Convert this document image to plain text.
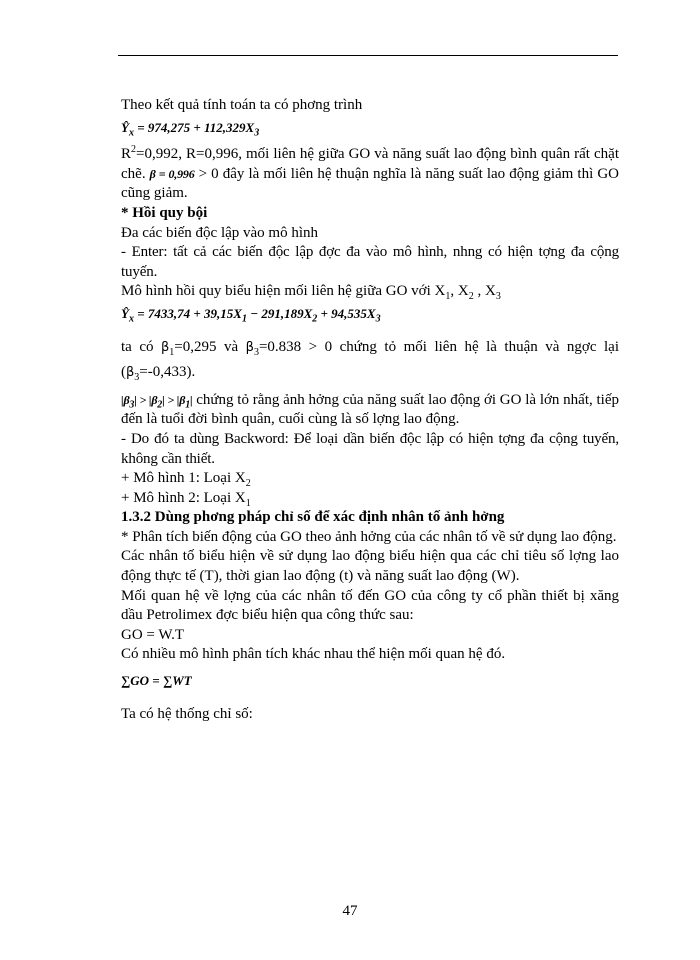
Theo kết quả tính toán ta có phơng trình

$Ŷ_x = 974,275 + 112,329X_3$

$R^2=0,992$, R=0,996, mối liên hệ giữa GO và năng suất lao động bình quân rất chặt chẽ. β = 0,996 > 0 đây là mối liên hệ thuận nghĩa là năng suất lao động giảm thì GO cũng giảm.

* Hồi quy bội

Đa các biến độc lập vào mô hình

- Enter: tất cả các biến độc lập đợc đa vào mô hình, nhng có hiện tợng đa cộng tuyến.

Mô hình hồi quy biểu hiện mối liên hệ giữa GO với $X_1$, $X_2$ , $X_3$

$Ŷ_x = 7433,74 + 39,15X_1 - 291,189X_2 + 94,535X_3$

ta có $\beta_1=0,295$ và $\beta_3=0.838 > 0$ chứng tỏ mối liên hệ là thuận và ngợc lại

$(\beta_3=-0,433)$.

$|\beta_3| > |\beta_2| > |\beta_1|$ chứng tỏ rằng ảnh hởng của năng suất lao động ới GO là lớn nhất, tiếp đến là tuổi đời bình quân, cuối cùng là số lợng lao động.

- Do đó ta dùng Backword: Để loại dần biến độc lập có hiện tợng đa cộng tuyến, không cần thiết.

+ Mô hình 1: Loại $X_2$

+ Mô hình 2: Loại $X_1$

1.3.2 Dùng phơng pháp chỉ số để xác định nhân tố ảnh hởng

* Phân tích biến động của GO theo ảnh hởng của các nhân tố về sử dụng lao động.

Các nhân tố biểu hiện về sử dụng lao động biểu hiện qua các chỉ tiêu số lợng lao động thực tế (T), thời gian lao động (t) và năng suất lao động (W).

Mối quan hệ về lợng của các nhân tố đến GO của công ty cổ phần thiết bị xăng dầu Petrolimex đợc biểu hiện qua công thức sau:

GO = W.T

Có nhiều mô hình phân tích khác nhau thể hiện mối quan hệ đó.

∑GO = ∑WT

Ta có hệ thống chỉ số:

47
